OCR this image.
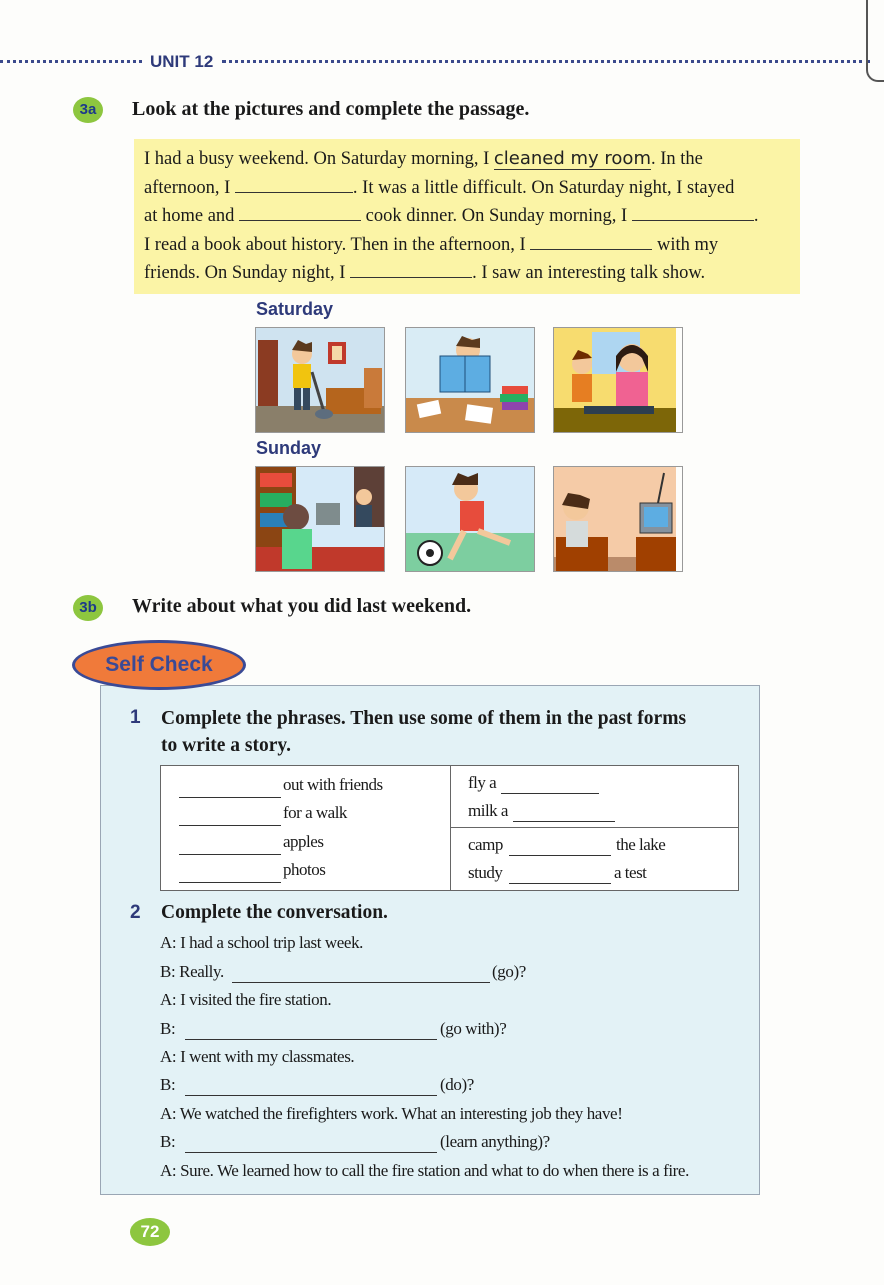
UNIT 12
3a	Look at the pictures and complete the passage.
I had a busy weekend. On Saturday morning, I cleaned my room. In the
afternoon, I	. It was a little difficult. On Saturday night, I stayed
at home and	cook dinner. On Sunday morning, I	.
I read a book about history. Then in the afternoon, I	with my
friends. On Sunday night, I	. I saw an interesting talk show.
Saturday
Sunday
3b	Write about what you did last weekend.
Self Check
1 Complete the phrases. Then use some of them in the past forms
to write a story.
out with friends
for a walk
apples
photos
fly a
milk a
camp	the lake
study	a test
2 Complete the conversation.
A: I had a school trip last week.
B: Really.	(go)?
A: I visited the fire station.
B:	(go with)?
A: I went with my classmates.
B:	(do)?
A: We watched the firefighters work. What an interesting job they have!
B:	(learn anything)?
A: Sure. We learned how to call the fire station and what to do when there is a fire.
72
